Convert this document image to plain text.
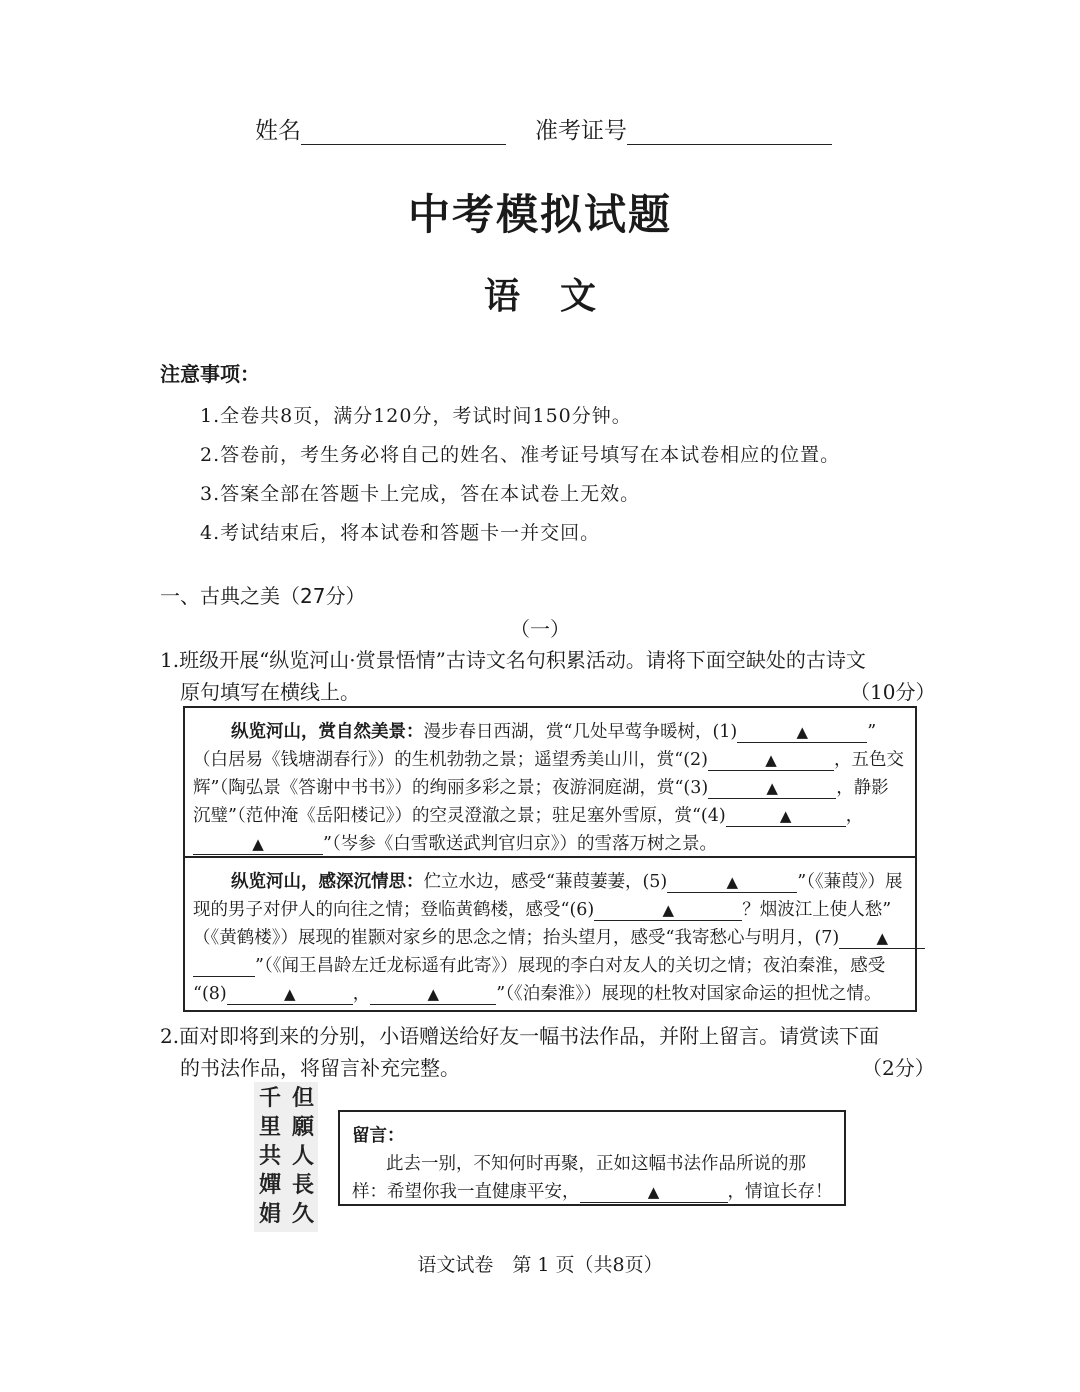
姓名	准考证号
中考模拟试题
语文
注意事项：
1.全卷共8页，满分120分，考试时间150分钟。
2.答卷前，考生务必将自己的姓名、准考证号填写在本试卷相应的位置。
3.答案全部在答题卡上完成，答在本试卷上无效。
4.考试结束后，将本试卷和答题卡一并交回。
一、古典之美（27分）
（一）
1.班级开展“纵览河山·赏景悟情”古诗文名句积累活动。请将下面空缺处的古诗文
原句填写在横线上。	（10分）
纵览河山，赏自然美景：漫步春日西湖，赏“几处早莺争暖树，(1)	▲	”
（白居易《钱塘湖春行》）的生机勃勃之景；遥望秀美山川，赏“(2)	▲	，五色交
辉”（陶弘景《答谢中书书》）的绚丽多彩之景；夜游洞庭湖，赏“(3)	▲	，静影
沉璧”（范仲淹《岳阳楼记》）的空灵澄澈之景；驻足塞外雪原，赏“(4)	▲	，
▲	”（岑参《白雪歌送武判官归京》）的雪落万树之景。
纵览河山，感深沉情思：伫立水边，感受“蒹葭萋萋，(5)	▲	”（《蒹葭》）展
现的男子对伊人的向往之情；登临黄鹤楼，感受“(6)	▲	？烟波江上使人愁”
（《黄鹤楼》）展现的崔颢对家乡的思念之情；抬头望月，感受“我寄愁心与明月，(7) ▲
”（《闻王昌龄左迁龙标遥有此寄》）展现的李白对友人的关切之情；夜泊秦淮，感受
“(8)	▲	，	▲	”（《泊秦淮》）展现的杜牧对国家命运的担忧之情。
2.面对即将到来的分别，小语赠送给好友一幅书法作品，并附上留言。请赏读下面
的书法作品，将留言补充完整。	（2分）
但
願
人
長
久
千
里
共
嬋
娟
留言：
此去一别，不知何时再聚，正如这幅书法作品所说的那
样：希望你我一直健康平安，	▲	，情谊长存！
语文试卷　第 1 页（共8页）
